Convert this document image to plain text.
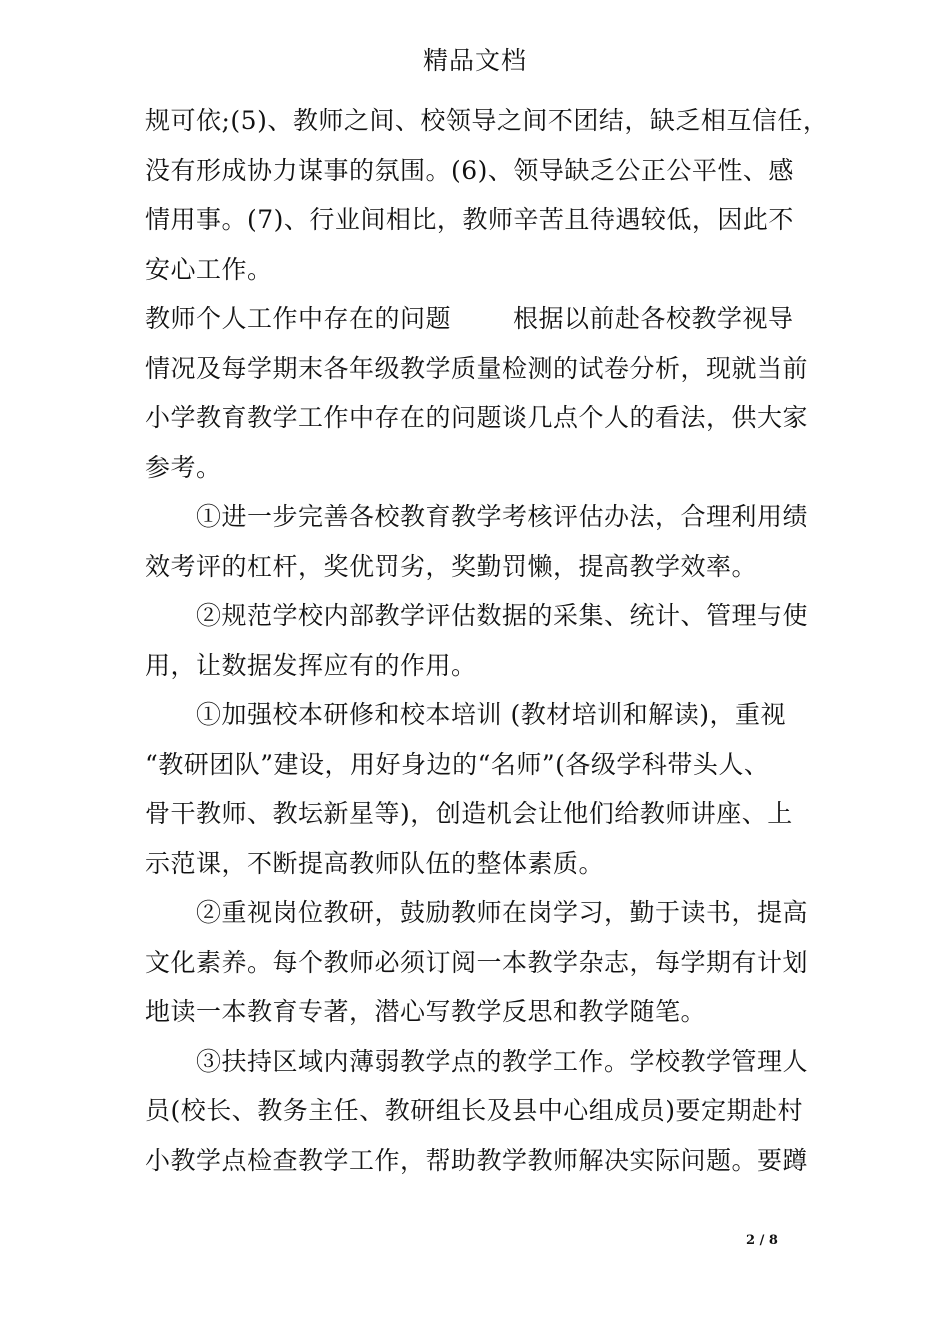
精品文档
规可依;(5)、教师之间、校领导之间不团结，缺乏相互信任，
没有形成协力谋事的氛围。(6)、领导缺乏公正公平性、感
情用事。(7)、行业间相比，教师辛苦且待遇较低，因此不
安心工作。
教师个人工作中存在的问题 根据以前赴各校教学视导
情况及每学期末各年级教学质量检测的试卷分析，现就当前
小学教育教学工作中存在的问题谈几点个人的看法，供大家
参考。
　　①进一步完善各校教育教学考核评估办法，合理利用绩
效考评的杠杆，奖优罚劣，奖勤罚懒，提高教学效率。
　　②规范学校内部教学评估数据的采集、统计、管理与使
用，让数据发挥应有的作用。
　　①加强校本研修和校本培训 (教材培训和解读)，重视
“教研团队”建设，用好身边的“名师”(各级学科带头人、
骨干教师、教坛新星等)，创造机会让他们给教师讲座、上
示范课，不断提高教师队伍的整体素质。
　　②重视岗位教研，鼓励教师在岗学习，勤于读书，提高
文化素养。每个教师必须订阅一本教学杂志，每学期有计划
地读一本教育专著，潜心写教学反思和教学随笔。
　　③扶持区域内薄弱教学点的教学工作。学校教学管理人
员(校长、教务主任、教研组长及县中心组成员)要定期赴村
小教学点检查教学工作，帮助教学教师解决实际问题。要蹲
2 / 8
